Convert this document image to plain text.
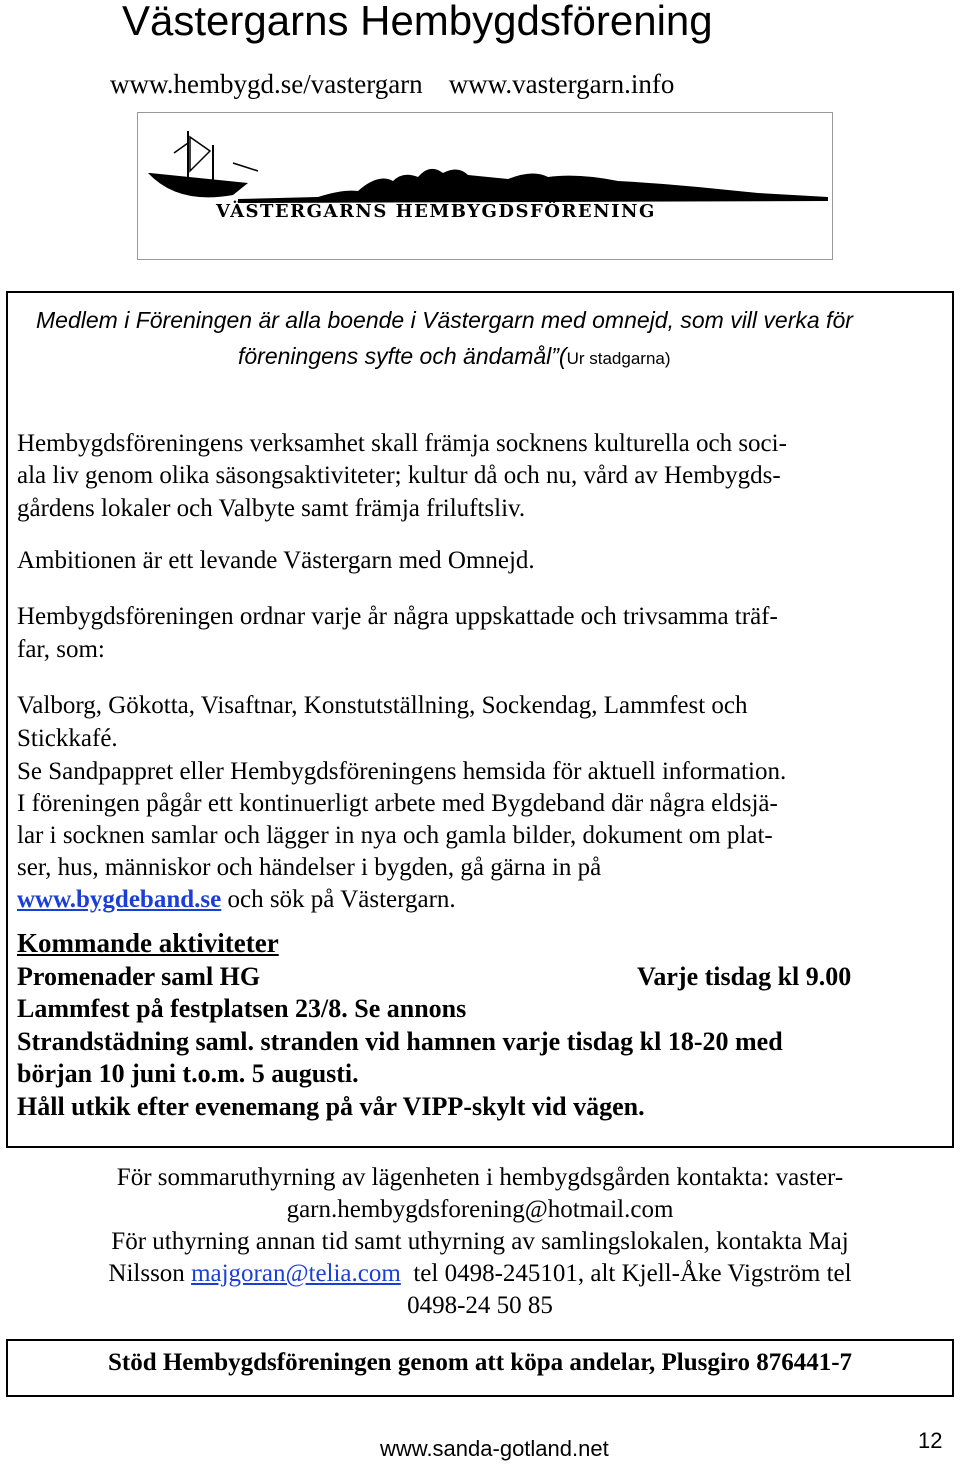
Västergarns Hembygdsförening
www.hembygd.se/vastergarn www.vastergarn.info
VÄSTERGARNS HEMBYGDSFÖRENING
Medlem i Föreningen är alla boende i Västergarn med omnejd, som vill verka för
föreningens syfte och ändamål”(Ur stadgarna)
Hembygdsföreningens verksamhet skall främja socknens kulturella och soci-
ala liv genom olika säsongsaktiviteter; kultur då och nu, vård av Hembygds-
gårdens lokaler och Valbyte samt främja friluftsliv.
Ambitionen är ett levande Västergarn med Omnejd.
Hembygdsföreningen ordnar varje år några uppskattade och trivsamma träf-
far, som:
Valborg, Gökotta, Visaftnar, Konstutställning, Sockendag, Lammfest och
Stickkafé.
Se Sandpappret eller Hembygdsföreningens hemsida för aktuell information.
I föreningen pågår ett kontinuerligt arbete med Bygdeband där några eldsjä-
lar i socknen samlar och lägger in nya och gamla bilder, dokument om plat-
ser, hus, människor och händelser i bygden, gå gärna in på
www.bygdeband.se och sök på Västergarn.
Kommande aktiviteter
Promenader saml HG	Varje tisdag kl 9.00
Lammfest på festplatsen 23/8. Se annons
Strandstädning saml. stranden vid hamnen varje tisdag kl 18-20 med
början 10 juni t.o.m. 5 augusti.
Håll utkik efter evenemang på vår VIPP-skylt vid vägen.
För sommaruthyrning av lägenheten i hembygdsgården kontakta: vaster-
garn.hembygdsforening@hotmail.com
För uthyrning annan tid samt uthyrning av samlingslokalen, kontakta Maj
Nilsson majgoran@telia.com  tel 0498-245101, alt Kjell-Åke Vigström tel
0498-24 50 85
Stöd Hembygdsföreningen genom att köpa andelar, Plusgiro 876441-7
www.sanda-gotland.net	12
